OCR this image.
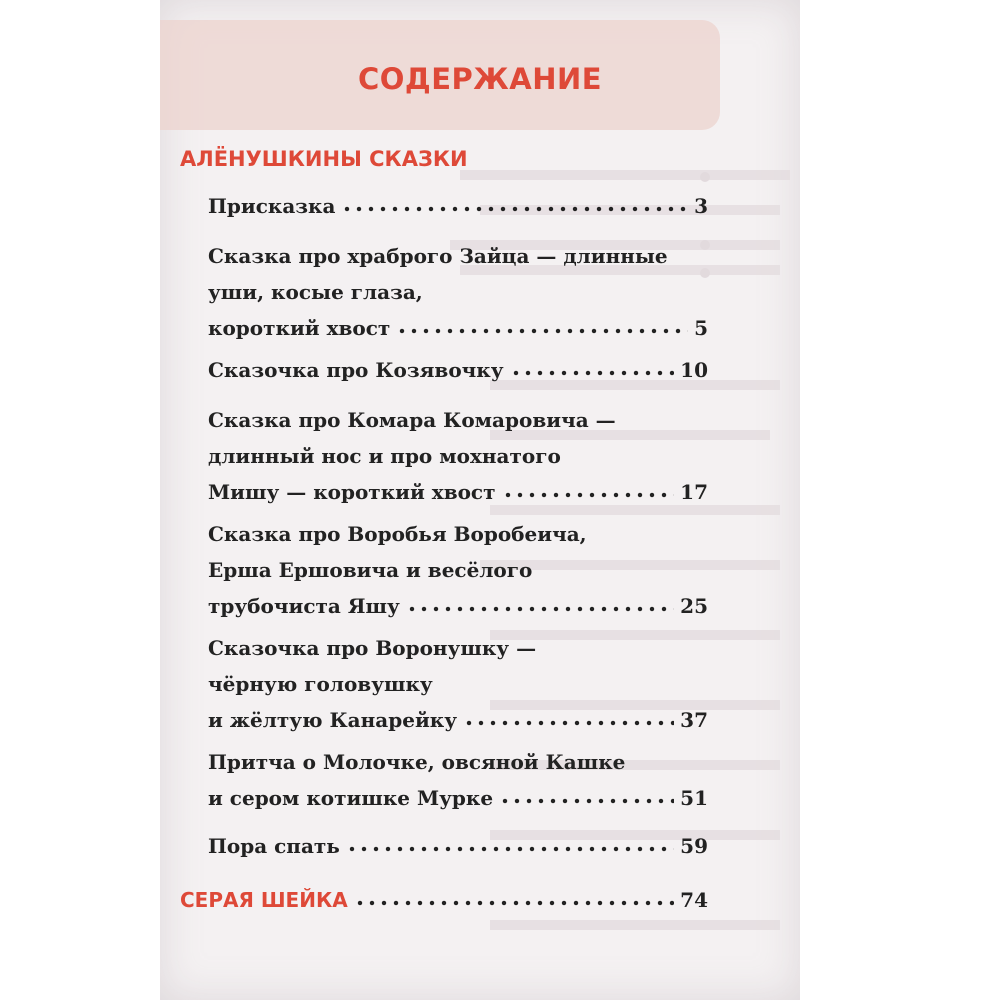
СОДЕРЖАНИЕ
АЛЁНУШКИНЫ СКАЗКИ
Присказка	3
Сказка про храброго Зайца — длинные
уши, косые глаза,
короткий хвост	5
Сказочка про Козявочку	10
Сказка про Комара Комаровича —
длинный нос и про мохнатого
Мишу — короткий хвост	17
Сказка про Воробья Воробеича,
Ерша Ершовича и весёлого
трубочиста Яшу	25
Сказочка про Воронушку —
чёрную головушку
и жёлтую Канарейку	37
Притча о Молочке, овсяной Кашке
и сером котишке Мурке	51
Пора спать	59
СЕРАЯ ШЕЙКА	74
